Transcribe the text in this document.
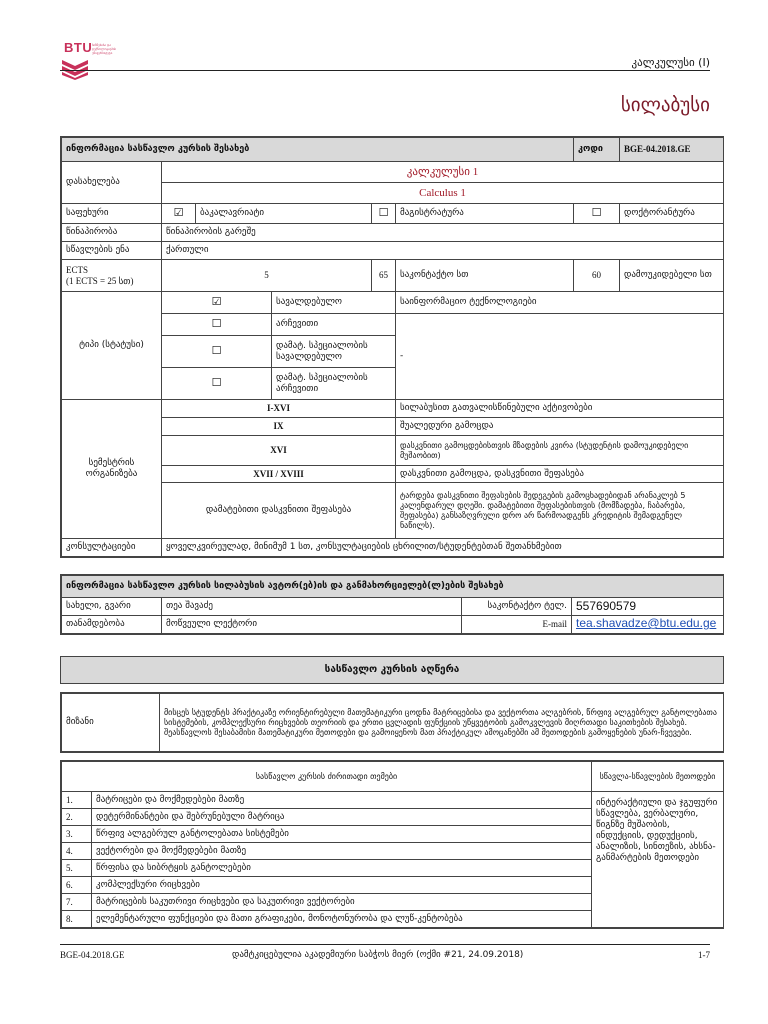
BTU ბიზნესისა და ტექნოლოგიების უნივერსიტეტი
კალკულუსი (I)
სილაბუსი
ინფორმაცია სასწავლო კურსის შესახებ						კოდი	BGE-04.2018.GE
დასახელება	კალკულუსი 1						
	Calculus 1						
საფეხური	☑	ბაკალავრიატი		☐	მაგისტრატურა	☐	დოქტორანტურა
წინაპირობა	წინაპირობის გარეშე						
სწავლების ენა	ქართული						

ECTS
(1 ECTS = 25 სთ)	5			65	საკონტაქტო სთ	60	დამოუკიდებელი სთ
ტიპი (სტატუსი)	☑		სავალდებულო		საინფორმაციო ტექნოლოგიები		
	☐		არჩევითი		-		
	☐		დამატ. სპეციალობის სავალდებულო				
	☐		დამატ. სპეციალობის არჩევითი				
სემესტრის ორგანიზება	I-XVI				სილაბუსით გათვალისწინებული აქტივობები		
	IX				შუალედური გამოცდა		
	XVI				დასკვნითი გამოცდებისთვის მზადების კვირა (სტუდენტის დამოუკიდებელი მუშაობით)		
	XVII / XVIII				დასკვნითი გამოცდა, დასკვნითი შეფასება		
	დამატებითი დასკვნითი შეფასება				ტარდება დასკვნითი შეფასების შედეგების გამოცხადებიდან არანაკლებ 5 კალენდარულ დღეში. დამატებითი შეფასებისთვის (მომზადება, ჩაბარება, შეფასება) განსაზღვრული დრო არ წარმოადგენს კრედიტის შემადგენელ ნაწილს).		
კონსულტაციები	ყოველკვირეულად, მინიმუმ 1 სთ, კონსულტაციების ცხრილით/სტუდენტებთან შეთანხმებით						
ინფორმაცია სასწავლო კურსის სილაბუსის ავტორ(ებ)ის და განმახორციელებ(ლ)ების შესახებ			
სახელი, გვარი	თეა შავაძე	საკონტაქტო ტელ.	557690579
თანამდებობა	მოწვეული ლექტორი	E-mail	tea.shavadze@btu.edu.ge
სასწავლო კურსის აღწერა
მიზანი	მისცეს სტუდენტს პრაქტიკაზე ორიენტირებული მათემატიკური ცოდნა მატრიცებისა და ვექტორთა ალგებრის, წრფივ ალგებრულ განტოლებათა სისტემების, კომპლექსური რიცხვების თეორიის და ერთი ცვლადის ფუნქციის უწყვეტობის გამოკვლევის მიღრთადი საკითხების შესახებ. შეასწავლოს შესაბამისი მათემატიკური მეთოდები და გამოიყენოს მათ პრაქტიკულ ამოცანებში ამ მეთოდების გამოყენების უნარ-ჩვევები.
სასწავლო კურსის ძირითადი თემები		სწავლა-სწავლების მეთოდები
1.	მატრიცები და მოქმედებები მათზე	ინტერაქტიული და ჯგუფური სწავლება, ვერბალური, წიგნზე მუშაობის, ინდუქციის, დედუქციის, ანალიზის, სინთეზის, ახსნა-განმარტების მეთოდები
2.	დეტერმინანტები და შებრუნებული მატრიცა	
3.	წრფივ ალგებრულ განტოლებათა სისტემები	
4.	ვექტორები და მოქმედებები მათზე	
5.	წრფისა და სიბრტყის განტოლებები	
6.	კომპლექსური რიცხვები	
7.	მატრიცების საკუთრივი რიცხვები და საკუთრივი ვექტორები	
8.	ელემენტარული ფუნქციები და მათი გრაფიკები, მონოტონურობა და ლუწ-კენტობება	
BGE-04.2018.GE	დამტკიცებულია აკადემიური საბჭოს მიერ (ოქმი #21, 24.09.2018)	1-7
